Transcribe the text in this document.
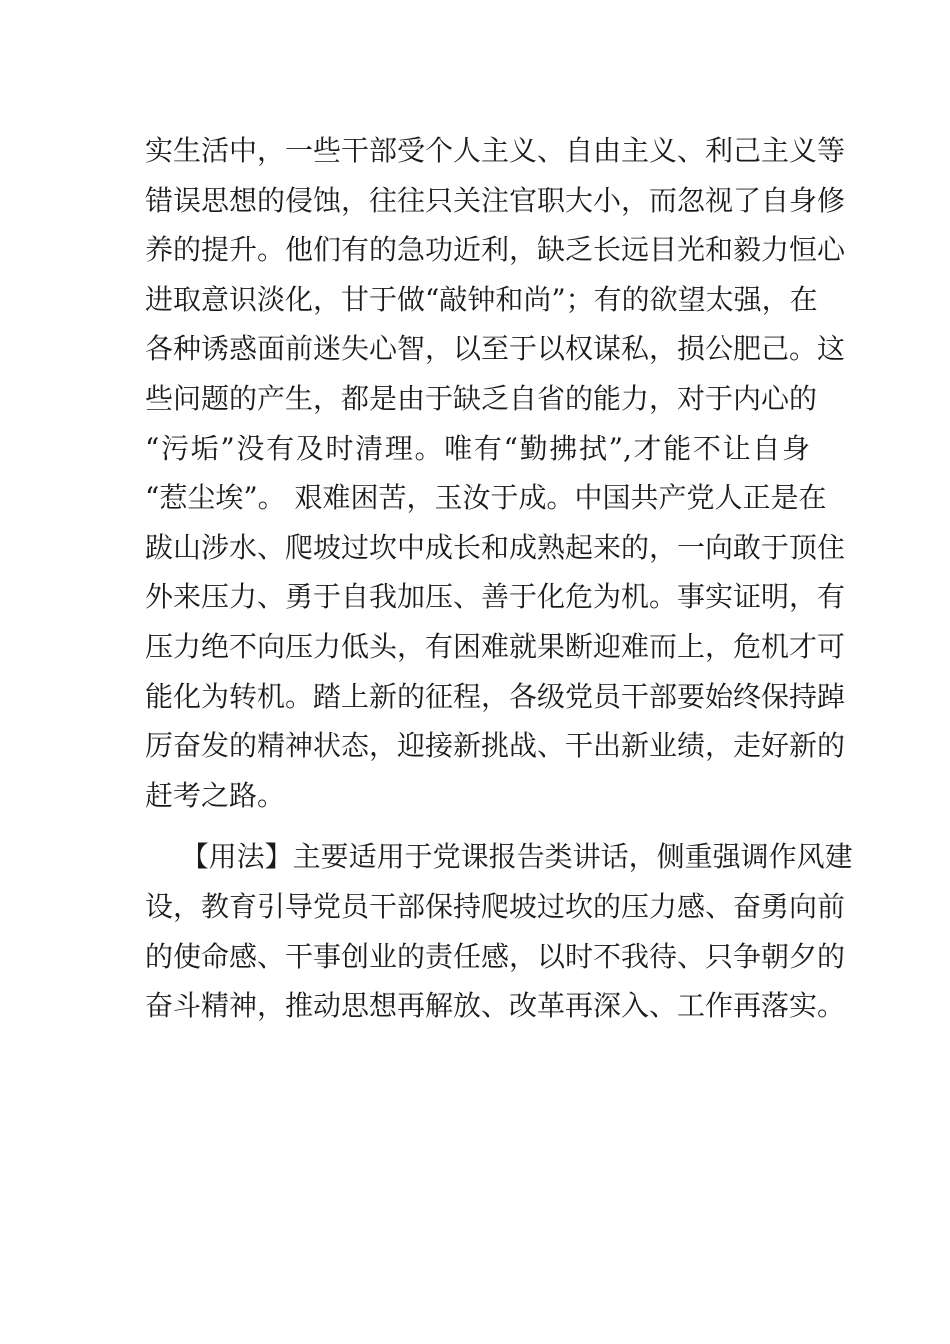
实生活中，一些干部受个人主义、自由主义、利己主义等
错误思想的侵蚀，往往只关注官职大小，而忽视了自身修
养的提升。他们有的急功近利，缺乏长远目光和毅力恒心
进取意识淡化，甘于做“敲钟和尚”；有的欲望太强，在
各种诱惑面前迷失心智，以至于以权谋私，损公肥己。这
些问题的产生，都是由于缺乏自省的能力，对于内心的
“污垢”没有及时清理。唯有“勤拂拭”,才能不让自身
“惹尘埃”。 艰难困苦，玉汝于成。中国共产党人正是在
跋山涉水、爬坡过坎中成长和成熟起来的，一向敢于顶住
外来压力、勇于自我加压、善于化危为机。事实证明，有
压力绝不向压力低头，有困难就果断迎难而上，危机才可
能化为转机。踏上新的征程，各级党员干部要始终保持踔
厉奋发的精神状态，迎接新挑战、干出新业绩，走好新的
赶考之路。
【用法】主要适用于党课报告类讲话，侧重强调作风建
设，教育引导党员干部保持爬坡过坎的压力感、奋勇向前
的使命感、干事创业的责任感，以时不我待、只争朝夕的
奋斗精神，推动思想再解放、改革再深入、工作再落实。
